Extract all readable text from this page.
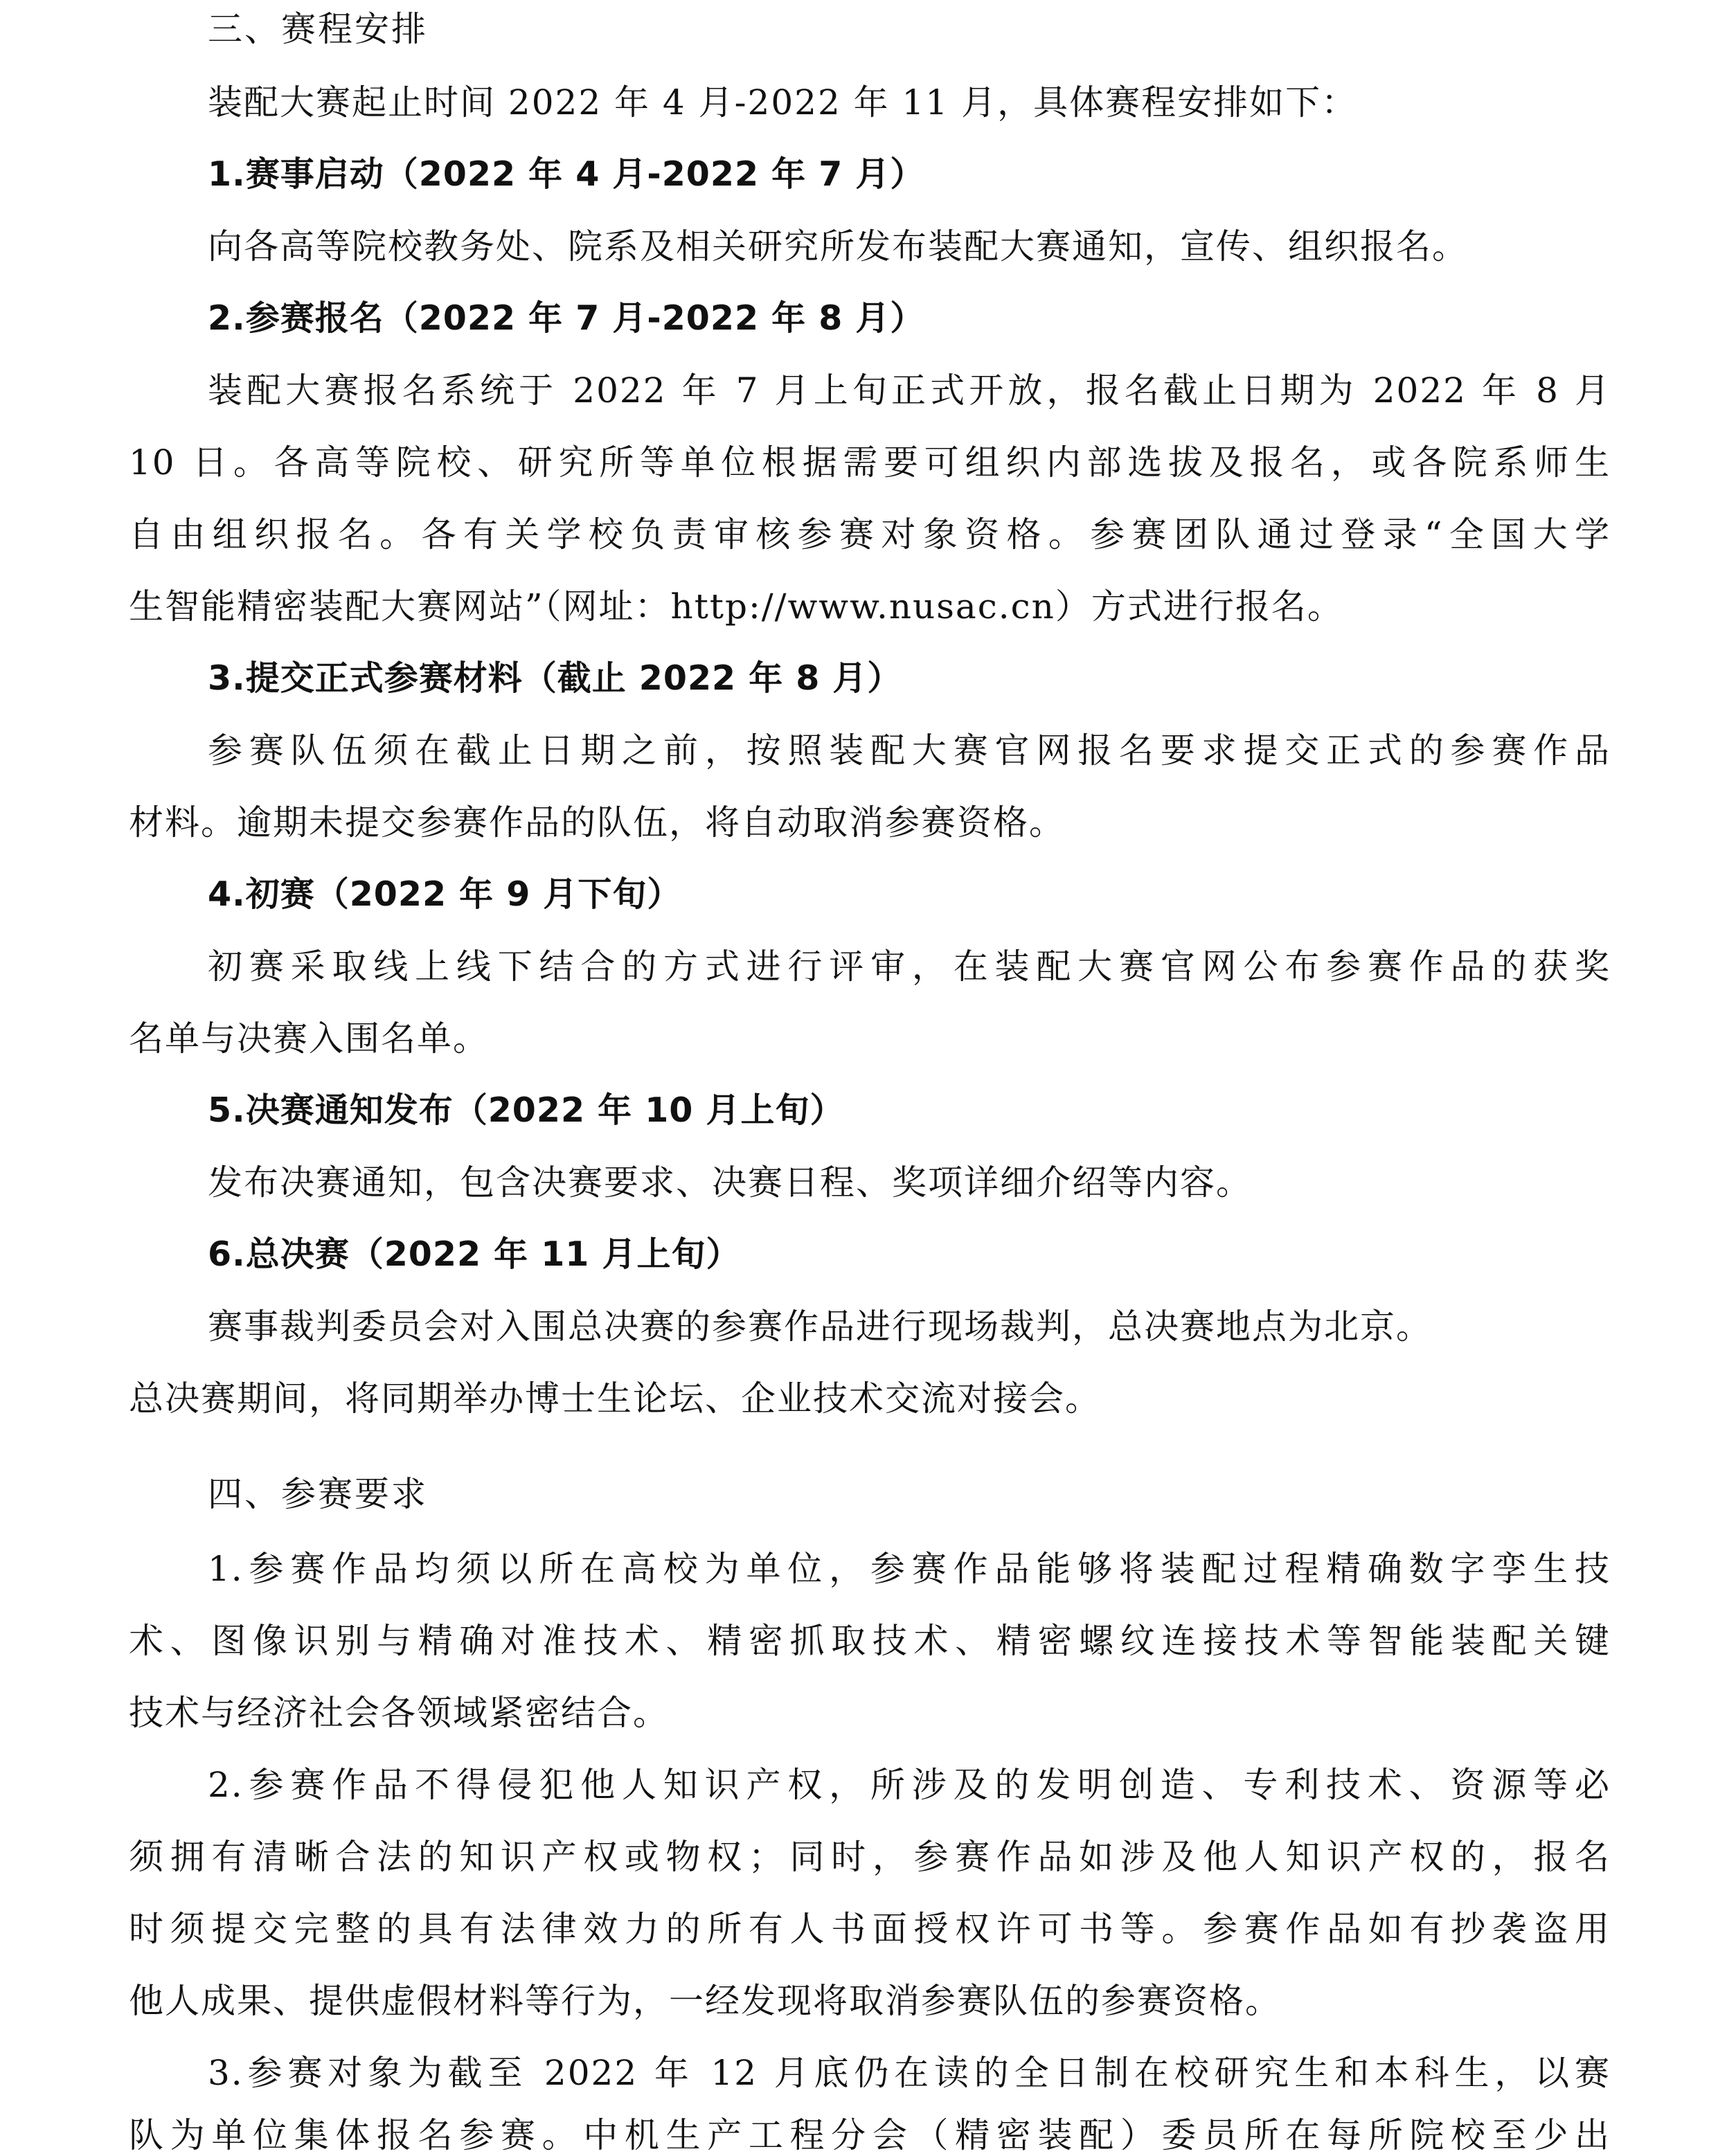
三、赛程安排
装配大赛起止时间 2022 年 4 月-2022 年 11 月，具体赛程安排如下：
1.赛事启动（2022 年 4 月-2022 年 7 月）
向各高等院校教务处、院系及相关研究所发布装配大赛通知，宣传、组织报名。
2.参赛报名（2022 年 7 月-2022 年 8 月）
装配大赛报名系统于 2022 年 7 月上旬正式开放，报名截止日期为 2022 年 8 月
10 日。各高等院校、研究所等单位根据需要可组织内部选拔及报名，或各院系师生
自由组织报名。各有关学校负责审核参赛对象资格。参赛团队通过登录“全国大学
生智能精密装配大赛网站”（网址：http://www.nusac.cn）方式进行报名。
3.提交正式参赛材料（截止 2022 年 8 月）
参赛队伍须在截止日期之前，按照装配大赛官网报名要求提交正式的参赛作品
材料。逾期未提交参赛作品的队伍，将自动取消参赛资格。
4.初赛（2022 年 9 月下旬）
初赛采取线上线下结合的方式进行评审，在装配大赛官网公布参赛作品的获奖
名单与决赛入围名单。
5.决赛通知发布（2022 年 10 月上旬）
发布决赛通知，包含决赛要求、决赛日程、奖项详细介绍等内容。
6.总决赛（2022 年 11 月上旬）
赛事裁判委员会对入围总决赛的参赛作品进行现场裁判，总决赛地点为北京。
总决赛期间，将同期举办博士生论坛、企业技术交流对接会。
四、参赛要求
1.参赛作品均须以所在高校为单位，参赛作品能够将装配过程精确数字孪生技
术、图像识别与精确对准技术、精密抓取技术、精密螺纹连接技术等智能装配关键
技术与经济社会各领域紧密结合。
2.参赛作品不得侵犯他人知识产权，所涉及的发明创造、专利技术、资源等必
须拥有清晰合法的知识产权或物权；同时，参赛作品如涉及他人知识产权的，报名
时须提交完整的具有法律效力的所有人书面授权许可书等。参赛作品如有抄袭盗用
他人成果、提供虚假材料等行为，一经发现将取消参赛队伍的参赛资格。
3.参赛对象为截至 2022 年 12 月底仍在读的全日制在校研究生和本科生，以赛
队为单位集体报名参赛。中机生产工程分会（精密装配）委员所在每所院校至少出
